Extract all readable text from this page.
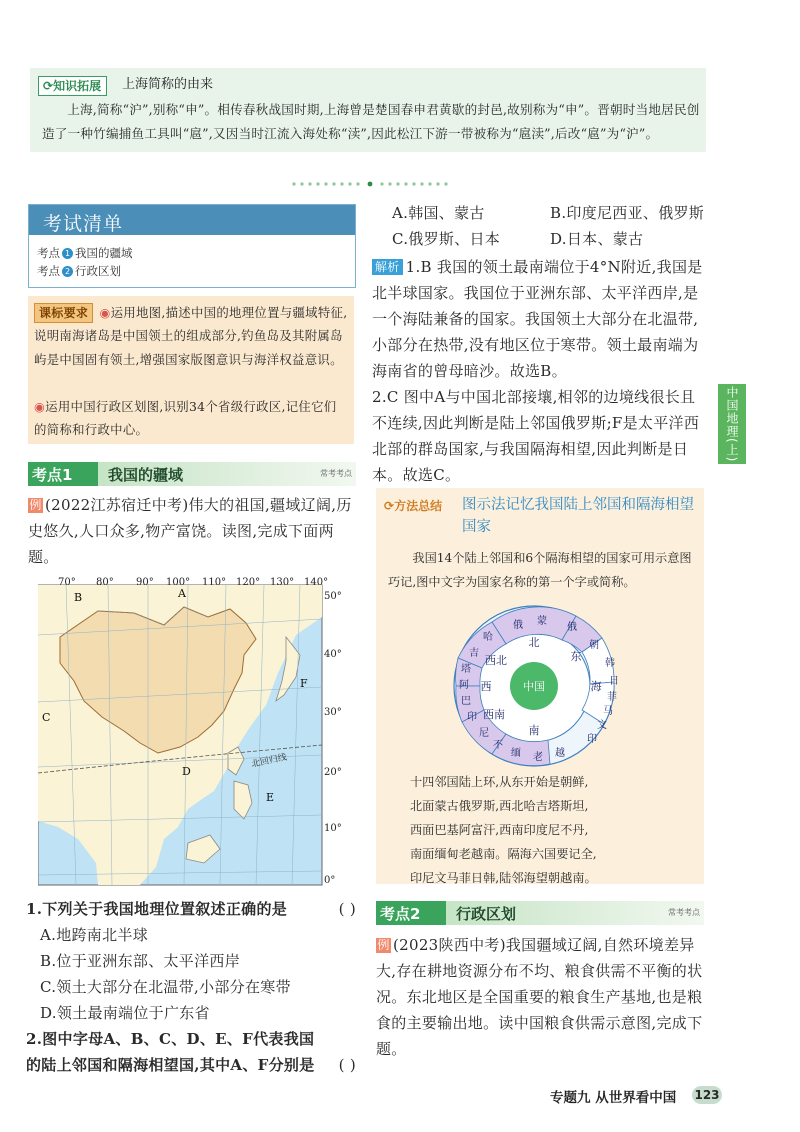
⟳知识拓展	上海简称的由来
上海,简称“沪”,别称“申”。相传春秋战国时期,上海曾是楚国春申君黄歇的封邑,故别称为“申”。晋朝时当地居民创造了一种竹编捕鱼工具叫“扈”,又因当时江流入海处称“渎”,因此松江下游一带被称为“扈渎”,后改“扈”为“沪”。
考试清单
考点 1 我国的疆域
考点 2 行政区划

课标要求 ◉运用地图,描述中国的地理位置与疆域特征,说明南海诸岛是中国领土的组成部分,钓鱼岛及其附属岛屿是中国固有领土,增强国家版图意识与海洋权益意识。

◉运用中国行政区划图,识别34个省级行政区,记住它们的简称和行政中心。

考点1 我国的疆域	常考考点
例 (2022江苏宿迁中考)伟大的祖国,疆域辽阔,历史悠久,人口众多,物产富饶。读图,完成下面两题。
北回归线
70° 80° 90° 100° 110° 120° 130° 140°
50°
40°
30°
20°
10°
0°
A
B
C
D
E
F
1.下列关于我国地理位置叙述正确的是	( )
A.地跨南北半球
B.位于亚洲东部、太平洋西岸
C.领土大部分在北温带,小部分在寒带
D.领土最南端位于广东省
2.图中字母A、B、C、D、E、F代表我国的陆上邻国和隔海相望国,其中A、F分别是 ( )
A.韩国、蒙古	B.印度尼西亚、俄罗斯
C.俄罗斯、日本	D.日本、蒙古
解析 1.B 我国的领土最南端位于4°N附近,我国是北半球国家。我国位于亚洲东部、太平洋西岸,是一个海陆兼备的国家。我国领土大部分在北温带,小部分在热带,没有地区位于寒带。领土最南端为海南省的曾母暗沙。故选B。
2.C 图中A与中国北部接壤,相邻的边境线很长且不连续,因此判断是陆上邻国俄罗斯;F是太平洋西北部的群岛国家,与我国隔海相望,因此判断是日本。故选C。
⟳方法总结 图示法记忆我国陆上邻国和隔海相望国家
我国14个陆上邻国和6个隔海相望的国家可用示意图巧记,图中文字为国家名称的第一个字或简称。
北
东
海
南
西南
西
西北
中国
俄 蒙
俄
朝
韩
日
菲
马
文
印
越
老
缅
不
尼
印
巴
阿
塔
吉
哈
十四邻国陆上环,从东开始是朝鲜,
北面蒙古俄罗斯,西北哈吉塔斯坦,
西面巴基阿富汗,西南印度尼不丹,
南面缅甸老越南。隔海六国要记全,
印尼文马菲日韩,陆邻海望朝越南。
考点2 行政区划	常考考点
例 (2023陕西中考)我国疆域辽阔,自然环境差异大,存在耕地资源分布不均、粮食供需不平衡的状况。东北地区是全国重要的粮食生产基地,也是粮食的主要输出地。读中国粮食供需示意图,完成下题。
中国地理(上)
专题九 从世界看中国 123
